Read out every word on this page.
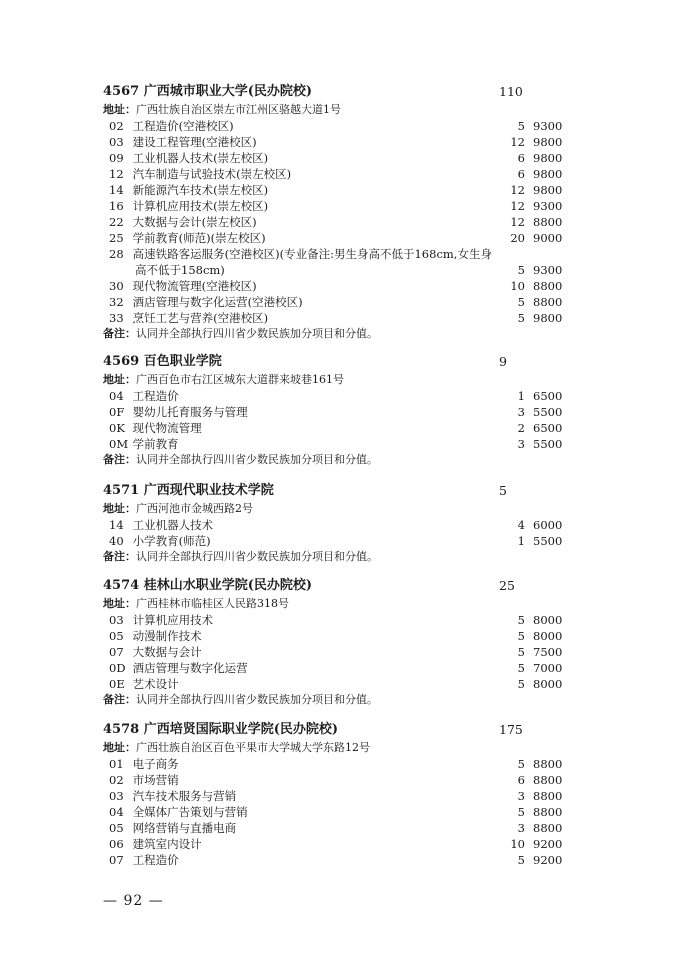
4567 广西城市职业大学(民办院校)	110
地址：广西壮族自治区崇左市江州区骆越大道1号
02 工程造价(空港校区)	5 9300
03 建设工程管理(空港校区)	12 9800
09 工业机器人技术(崇左校区)	6 9800
12 汽车制造与试验技术(崇左校区)	6 9800
14 新能源汽车技术(崇左校区)	12 9800
16 计算机应用技术(崇左校区)	12 9300
22 大数据与会计(崇左校区)	12 8800
25 学前教育(师范)(崇左校区)	20 9000
28 高速铁路客运服务(空港校区)(专业备注:男生身高不低于168cm,女生身
高不低于158cm)	5 9300
30 现代物流管理(空港校区)	10 8800
32 酒店管理与数字化运营(空港校区)	5 8800
33 烹饪工艺与营养(空港校区)	5 9800
备注：认同并全部执行四川省少数民族加分项目和分值。
4569 百色职业学院	9
地址：广西百色市右江区城东大道群来坡巷161号
04 工程造价	1 6500
0F 婴幼儿托育服务与管理	3 5500
0K 现代物流管理	2 6500
0M 学前教育	3 5500
备注：认同并全部执行四川省少数民族加分项目和分值。
4571 广西现代职业技术学院	5
地址：广西河池市金城西路2号
14 工业机器人技术	4 6000
40 小学教育(师范)	1 5500
备注：认同并全部执行四川省少数民族加分项目和分值。
4574 桂林山水职业学院(民办院校)	25
地址：广西桂林市临桂区人民路318号
03 计算机应用技术	5 8000
05 动漫制作技术	5 8000
07 大数据与会计	5 7500
0D 酒店管理与数字化运营	5 7000
0E 艺术设计	5 8000
备注：认同并全部执行四川省少数民族加分项目和分值。
4578 广西培贤国际职业学院(民办院校)	175
地址：广西壮族自治区百色平果市大学城大学东路12号
01 电子商务	5 8800
02 市场营销	6 8800
03 汽车技术服务与营销	3 8800
04 全媒体广告策划与营销	5 8800
05 网络营销与直播电商	3 8800
06 建筑室内设计	10 9200
07 工程造价	5 9200
— 92 —
